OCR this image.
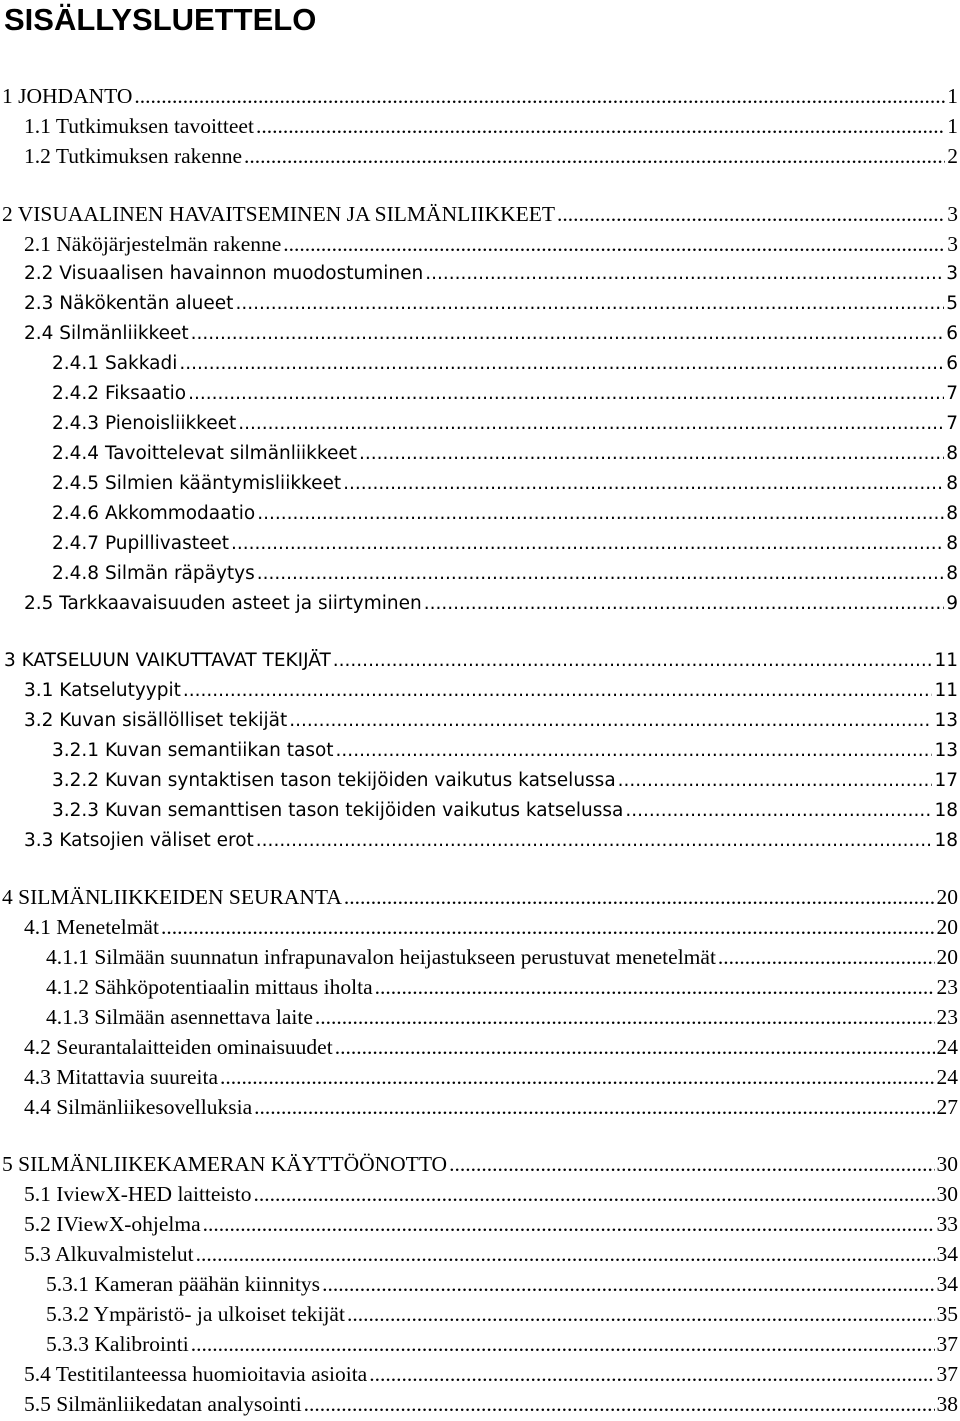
SISÄLLYSLUETTELO
1 JOHDANTO .....	1
1.1 Tutkimuksen tavoitteet .....	1
1.2 Tutkimuksen rakenne .....	2
2 VISUAALINEN HAVAITSEMINEN JA SILMÄNLIIKKEET .....	3
2.1 Näköjärjestelmän rakenne .....	3
2.2 Visuaalisen havainnon muodostuminen .....	3
2.3 Näkökentän alueet .....	5
2.4 Silmänliikkeet .....	6
2.4.1 Sakkadi .....	6
2.4.2 Fiksaatio .....	7
2.4.3 Pienoisliikkeet .....	7
2.4.4 Tavoittelevat silmänliikkeet .....	8
2.4.5 Silmien kääntymisliikkeet .....	8
2.4.6 Akkommodaatio .....	8
2.4.7 Pupillivasteet .....	8
2.4.8 Silmän räpäytys .....	8
2.5 Tarkkaavaisuuden asteet ja siirtyminen .....	9
3 KATSELUUN VAIKUTTAVAT TEKIJÄT .....	11
3.1 Katselutyypit .....	11
3.2 Kuvan sisällölliset tekijät .....	13
3.2.1 Kuvan semantiikan tasot .....	13
3.2.2 Kuvan syntaktisen tason tekijöiden vaikutus katselussa .....	17
3.2.3 Kuvan semanttisen tason tekijöiden vaikutus katselussa .....	18
3.3 Katsojien väliset erot .....	18
4 SILMÄNLIIKKEIDEN SEURANTA .....	20
4.1 Menetelmät .....	20
4.1.1 Silmään suunnatun infrapunavalon heijastukseen perustuvat menetelmät .....	20
4.1.2 Sähköpotentiaalin mittaus iholta .....	23
4.1.3 Silmään asennettava laite .....	23
4.2 Seurantalaitteiden ominaisuudet .....	24
4.3 Mitattavia suureita .....	24
4.4 Silmänliikesovelluksia .....	27
5 SILMÄNLIIKEKAMERAN KÄYTTÖÖNOTTO .....	30
5.1 IviewX-HED laitteisto .....	30
5.2 IViewX-ohjelma .....	33
5.3 Alkuvalmistelut .....	34
5.3.1 Kameran päähän kiinnitys .....	34
5.3.2 Ympäristö- ja ulkoiset tekijät .....	35
5.3.3 Kalibrointi .....	37
5.4 Testitilanteessa huomioitavia asioita .....	37
5.5 Silmänliikedatan analysointi .....	38
